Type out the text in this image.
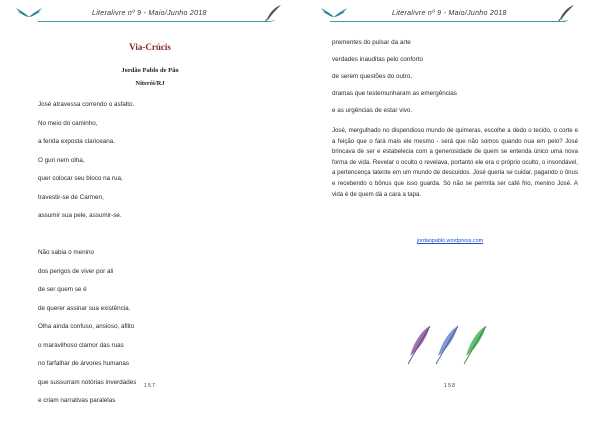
Literalivre nº 9 - Maio/Junho 2018
Via-Crúcis
Jordão Pablo de Pão
Niterói/RJ
José atravessa correndo o asfalto.
No meio do caminho,
a ferida exposta clariceana.
O guri nem olha,
quer colocar seu bloco na rua,
travestir-se de Carmen,
assumir sua pele, assumir-se.
Não sabia o menino
dos perigos de viver por ali
de ser quem se é
de querer assinar sua existência.
Olha ainda confuso, ansioso, aflito
o maravilhoso clamor das ruas
no farfalhar de árvores humanas
que sussurram notórias inverdades
e criam narrativas paralelas
157
Literalivre nº 9 - Maio/Junho 2018
prementes do pulsar da arte
verdades inauditas pelo conforto
de serem questões do outro,
dramas que testemunharam as emergências
e as urgências de estar vivo.

José, mergulhado no dispendioso mundo de quimeras, escolhe a dedo o tecido, o corte e a feição que o fará mais ele mesmo - será que não somos quando nua em pelo? José brincava de ser e estabelecia com a generosidade de quem se entenda único uma nova forma de vida. Revelar o oculto o revelava, portanto ele era o próprio oculto, o insondável, a pertencença latente em um mundo de descuidos. José queria se cuidar, pagando o ônus e recebendo o bônus que isso guarda. Só não se permita ser café frio, menino José. A vida é de quem dá a cara a tapa.

jordaopablo.wordpress.com
158
